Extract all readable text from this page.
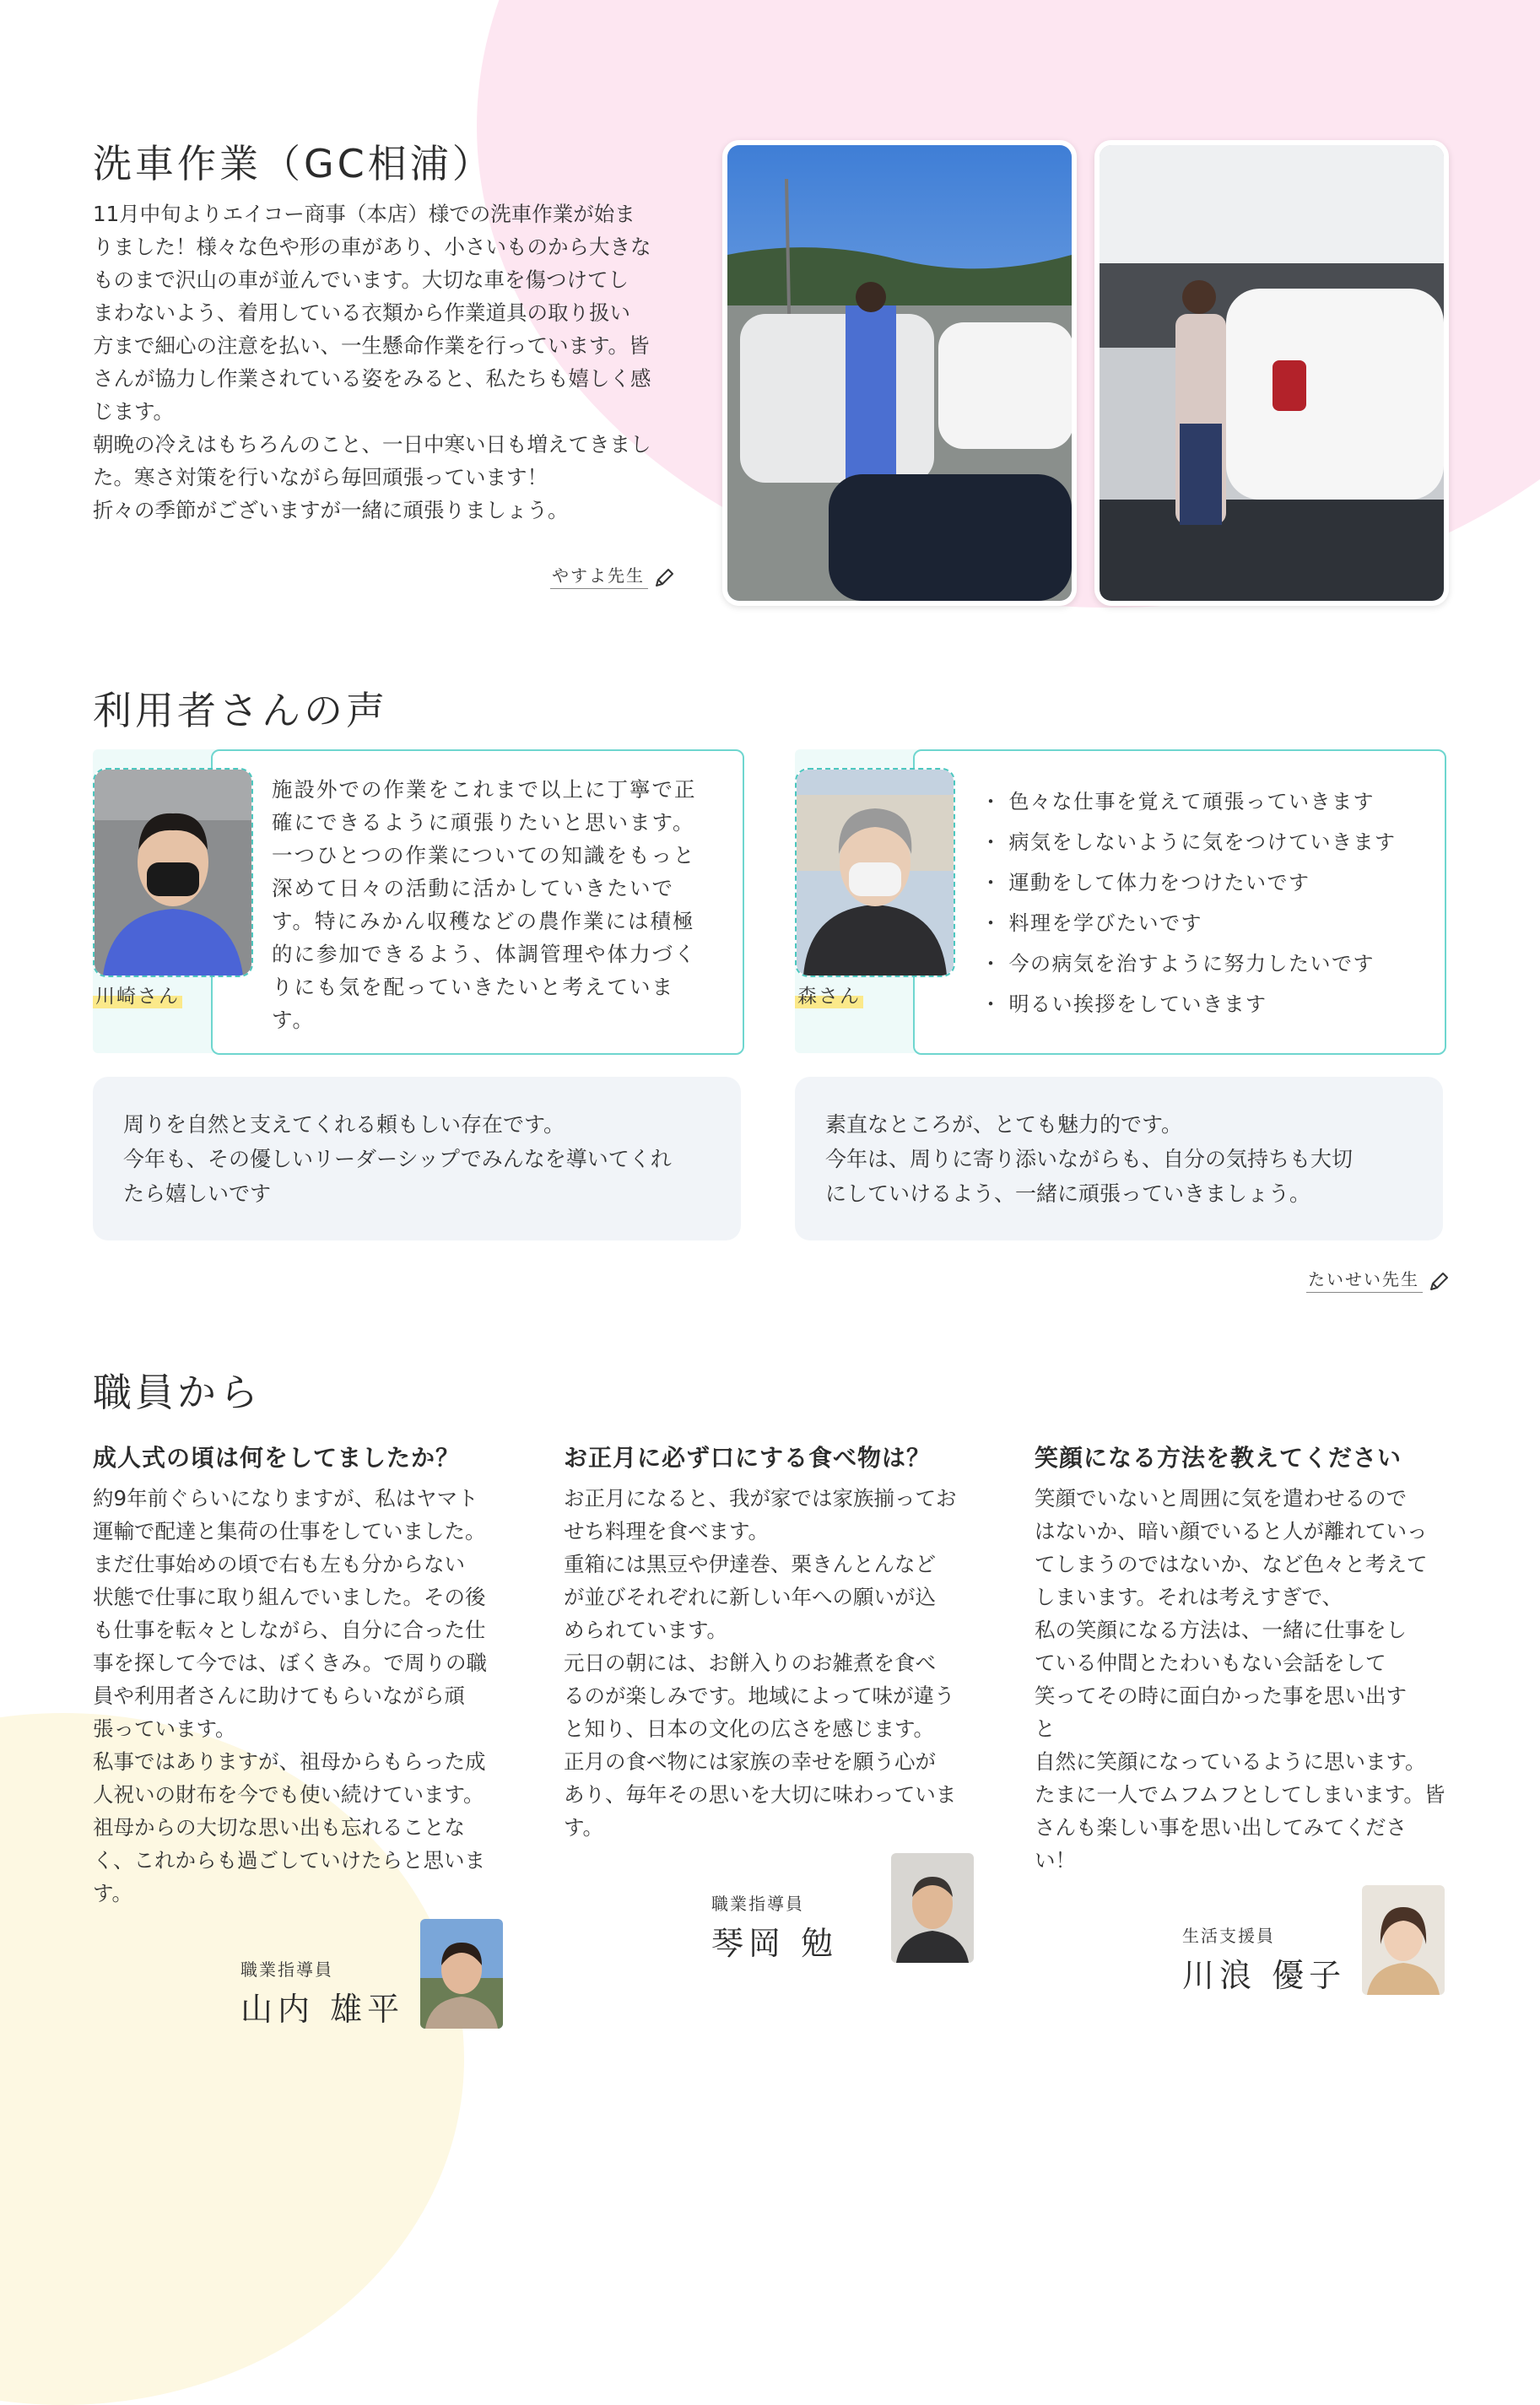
洗車作業（GC相浦）

11月中旬よりエイコー商事（本店）様での洗車作業が始ま
りました！様々な色や形の車があり、小さいものから大きな
ものまで沢山の車が並んでいます。大切な車を傷つけてし
まわないよう、着用している衣類から作業道具の取り扱い
方まで細心の注意を払い、一生懸命作業を行っています。皆
さんが協力し作業されている姿をみると、私たちも嬉しく感
じます。
朝晩の冷えはもちろんのこと、一日中寒い日も増えてきまし
た。寒さ対策を行いながら毎回頑張っています！
折々の季節がございますが一緒に頑張りましょう。

やすよ先生
利用者さんの声
川崎さん

施設外での作業をこれまで以上に丁寧で正
確にできるように頑張りたいと思います。
一つひとつの作業についての知識をもっと
深めて日々の活動に活かしていきたいで
す。特にみかん収穫などの農作業には積極
的に参加できるよう、体調管理や体力づく
りにも気を配っていきたいと考えていま
す。

森さん
・ 色々な仕事を覚えて頑張っていきます
・ 病気をしないように気をつけていきます
・ 運動をして体力をつけたいです
・ 料理を学びたいです
・ 今の病気を治すように努力したいです
・ 明るい挨拶をしていきます

周りを自然と支えてくれる頼もしい存在です。
今年も、その優しいリーダーシップでみんなを導いてくれ
たら嬉しいです

素直なところが、とても魅力的です。
今年は、周りに寄り添いながらも、自分の気持ちも大切
にしていけるよう、一緒に頑張っていきましょう。

たいせい先生
職員から
成人式の頃は何をしてましたか？

約9年前ぐらいになりますが、私はヤマト
運輸で配達と集荷の仕事をしていました。
まだ仕事始めの頃で右も左も分からない
状態で仕事に取り組んでいました。その後
も仕事を転々としながら、自分に合った仕
事を探して今では、ぼくきみ。で周りの職
員や利用者さんに助けてもらいながら頑
張っています。
私事ではありますが、祖母からもらった成
人祝いの財布を今でも使い続けています。
祖母からの大切な思い出も忘れることな
く、これからも過ごしていけたらと思いま
す。

職業指導員
山内 雄平
お正月に必ず口にする食べ物は？

お正月になると、我が家では家族揃ってお
せち料理を食べます。
重箱には黒豆や伊達巻、栗きんとんなど
が並びそれぞれに新しい年への願いが込
められています。
元日の朝には、お餅入りのお雑煮を食べ
るのが楽しみです。地域によって味が違う
と知り、日本の文化の広さを感じます。
正月の食べ物には家族の幸せを願う心が
あり、毎年その思いを大切に味わっていま
す。

職業指導員
琴岡 勉
笑顔になる方法を教えてください

笑顔でいないと周囲に気を遣わせるので
はないか、暗い顔でいると人が離れていっ
てしまうのではないか、など色々と考えて
しまいます。それは考えすぎで、
私の笑顔になる方法は、一緒に仕事をし
ている仲間とたわいもない会話をして
笑ってその時に面白かった事を思い出す
と
自然に笑顔になっているように思います。
たまに一人でムフムフとしてしまいます。皆
さんも楽しい事を思い出してみてくださ
い！

生活支援員
川浪 優子
